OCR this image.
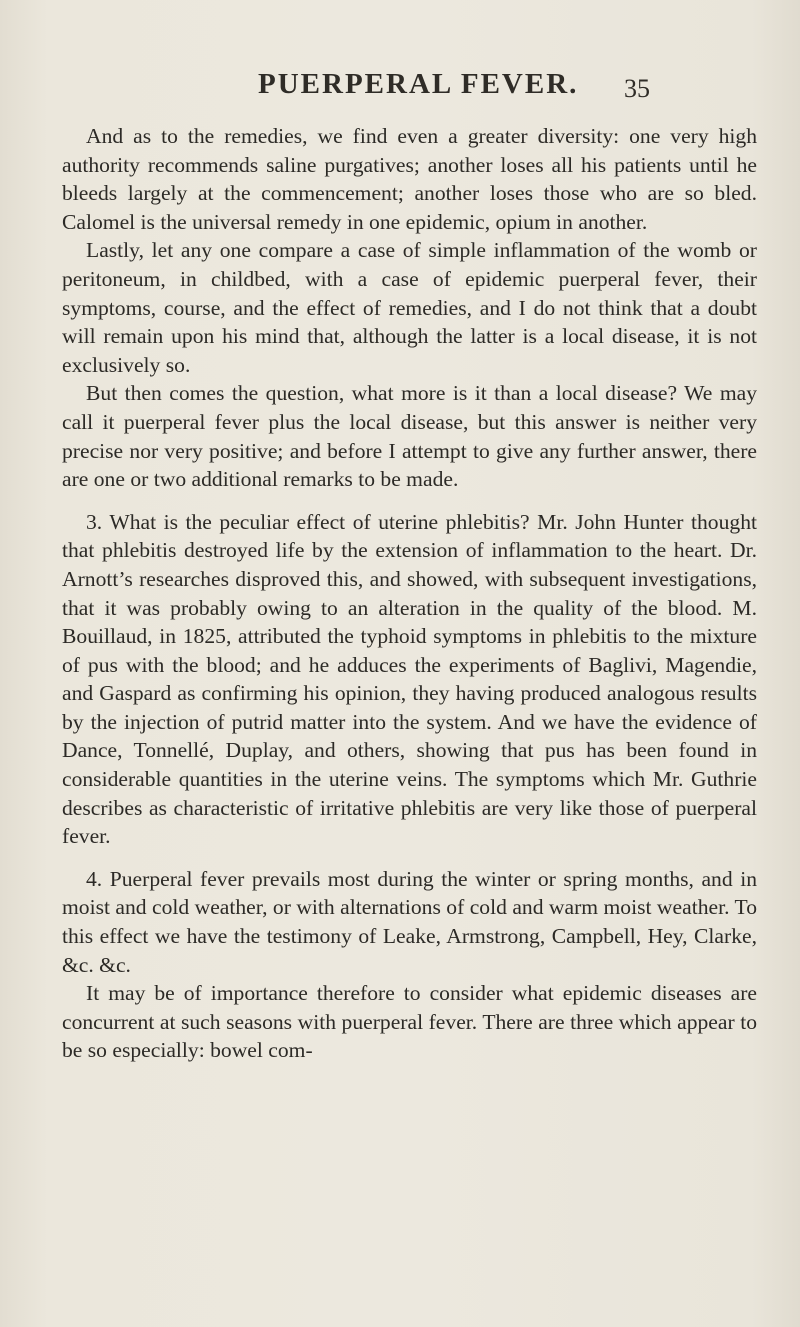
PUERPERAL FEVER. 35

And as to the remedies, we find even a greater diversity: one very high authority recommends saline purgatives; another loses all his patients until he bleeds largely at the commencement; another loses those who are so bled. Calomel is the universal remedy in one epidemic, opium in another.

Lastly, let any one compare a case of simple inflammation of the womb or peritoneum, in childbed, with a case of epidemic puerperal fever, their symptoms, course, and the effect of remedies, and I do not think that a doubt will remain upon his mind that, although the latter is a local disease, it is not exclusively so.

But then comes the question, what more is it than a local disease? We may call it puerperal fever plus the local disease, but this answer is neither very precise nor very positive; and before I attempt to give any further answer, there are one or two additional remarks to be made.

3. What is the peculiar effect of uterine phlebitis? Mr. John Hunter thought that phlebitis destroyed life by the extension of inflammation to the heart. Dr. Arnott’s researches disproved this, and showed, with subsequent investigations, that it was probably owing to an alteration in the quality of the blood. M. Bouillaud, in 1825, attributed the typhoid symptoms in phlebitis to the mixture of pus with the blood; and he adduces the experiments of Baglivi, Magendie, and Gaspard as confirming his opinion, they having produced analogous results by the injection of putrid matter into the system. And we have the evidence of Dance, Tonnellé, Duplay, and others, showing that pus has been found in considerable quantities in the uterine veins. The symptoms which Mr. Guthrie describes as characteristic of irritative phlebitis are very like those of puerperal fever.

4. Puerperal fever prevails most during the winter or spring months, and in moist and cold weather, or with alternations of cold and warm moist weather. To this effect we have the testimony of Leake, Armstrong, Campbell, Hey, Clarke, &c. &c.

It may be of importance therefore to consider what epidemic diseases are concurrent at such seasons with puerperal fever. There are three which appear to be so especially: bowel com-
